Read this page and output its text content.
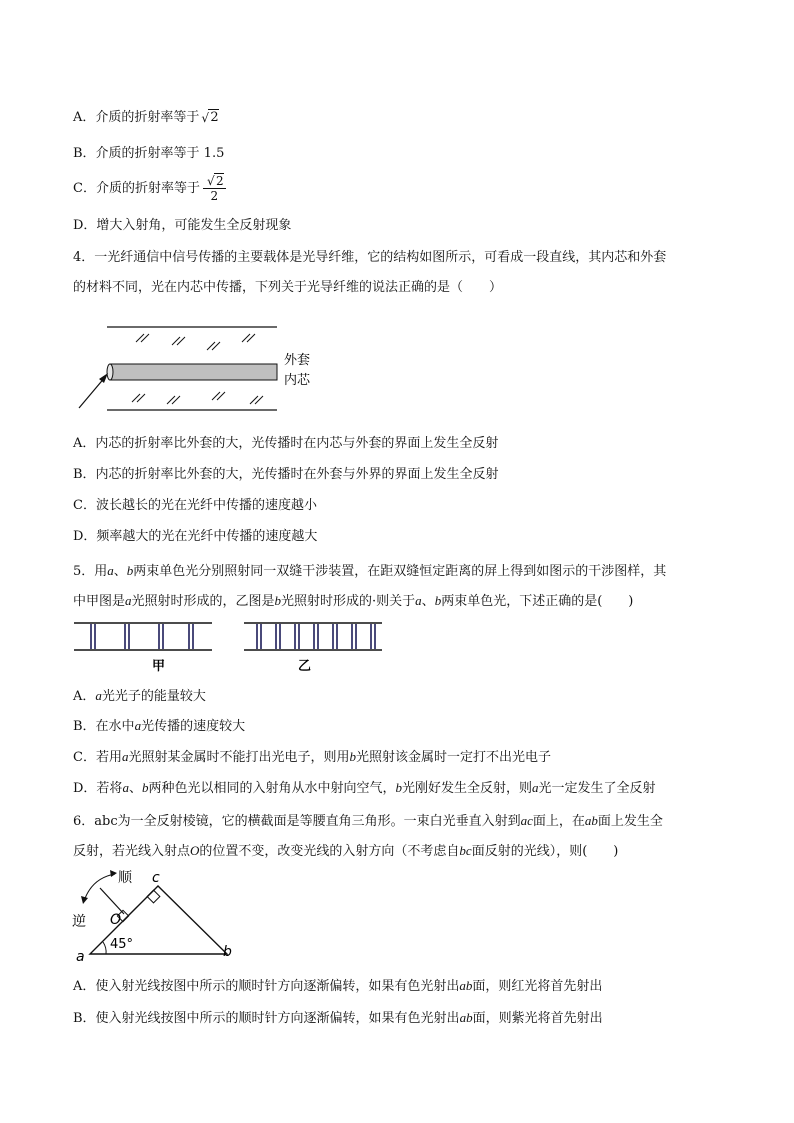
A．介质的折射率等于 √ 2
B．介质的折射率等于 1.5
C．介质的折射率等于 $\frac{√ 2}{2}$
D．增大入射角，可能发生全反射现象
4．一光纤通信中信号传播的主要载体是光导纤维，它的结构如图所示，可看成一段直线，其内芯和外套
的材料不同，光在内芯中传播，下列关于光导纤维的说法正确的是（　　）
外套
内芯
A．内芯的折射率比外套的大，光传播时在内芯与外套的界面上发生全反射
B．内芯的折射率比外套的大，光传播时在外套与外界的界面上发生全反射
C．波长越长的光在光纤中传播的速度越小
D．频率越大的光在光纤中传播的速度越大
5．用a、b两束单色光分别照射同一双缝干涉装置，在距双缝恒定距离的屏上得到如图示的干涉图样，其
中甲图是a光照射时形成的，乙图是b光照射时形成的·则关于a、b两束单色光，下述正确的是(　　)
甲	乙
A．a光光子的能量较大
B．在水中a光传播的速度较大
C．若用a光照射某金属时不能打出光电子，则用b光照射该金属时一定打不出光电子
D．若将a、b两种色光以相同的入射角从水中射向空气，b光刚好发生全反射，则a光一定发生了全反射
6．abc为一全反射棱镜，它的横截面是等腰直角三角形。一束白光垂直入射到ac面上，在ab面上发生全
反射，若光线入射点O的位置不变，改变光线的入射方向（不考虑自bc面反射的光线），则(　　)
顺
逆
c
O
a	b
45°
A．使入射光线按图中所示的顺时针方向逐渐偏转，如果有色光射出ab面，则红光将首先射出
B．使入射光线按图中所示的顺时针方向逐渐偏转，如果有色光射出ab面，则紫光将首先射出
